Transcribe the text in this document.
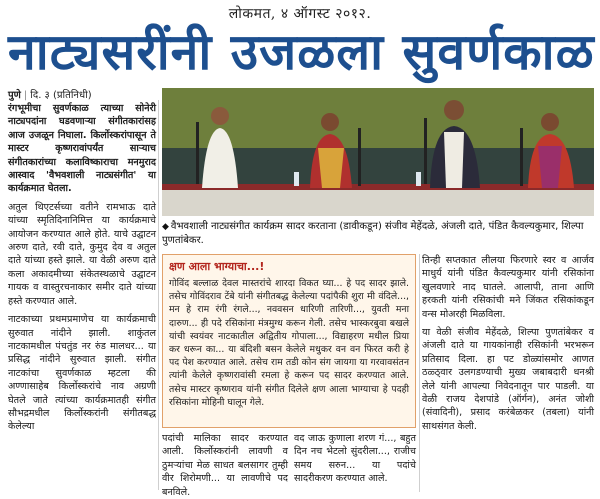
लोकमत, ४ ऑगस्ट २०१२.
नाट्यसरींनी उजळला सुवर्णकाळ
पुणे | दि. ३ (प्रतिनिधी)
◆ वैभवशाली नाट्यसंगीत कार्यक्रम सादर करताना (डावीकडून) संजीव मेहेंदळे, अंजली दाते, पंडित कैवल्यकुमार, शिल्पा पुणतांबेकर.

रंगभूमीचा सुवर्णकाळ त्याच्या सोनेरी नाट्यपदांना घडवणाऱ्या संगीतकारांसह आज उजळून निघाला. किर्लोस्करांपासून ते मास्टर कृष्णरावांपर्यंत साऱ्याच संगीतकारांच्या कलाविष्काराचा मनमुराद आस्वाद 'वैभवशाली नाट्यसंगीत' या कार्यक्रमात घेतला.

अतुल थिएटर्सच्या वतीने रामभाऊ दाते यांच्या स्मृतिदिनानिमित्त या कार्यक्रमाचे आयोजन करण्यात आले होते. याचे उद्घाटन अरुण दाते, रवी दाते, कुमुद देव व अतुल दाते यांच्या हस्ते झाले. या वेळी अरुण दाते कला अकादमीच्या संकेतस्थळाचे उद्घाटन गायक व वास्तुरचनाकार समीर दाते यांच्या हस्ते करण्यात आले.

नाटकाच्या प्रथमप्रमाणेच या कार्यक्रमाची सुरुवात नांदीने झाली. शाकुंतल नाटकामधील पंचतुंड नर रुंड मालधर... या प्रसिद्ध नांदीने सुरुवात झाली. संगीत नाटकांचा सुवर्णकाळ म्हटला की अण्णासाहेब किर्लोस्करांचे नाव अग्रणी घेतले जाते त्यांच्या कार्यक्रमातही संगीत सौभद्रमधील किर्लोस्करांनी संगीतबद्ध केलेल्या

क्षण आला भाग्याचा...!
गोविंद बल्लाळ देवल मास्तरांचे शारदा विकत घ्या... हे पद सादर झाले. तसेच गोविंदराव टेंबे यांनी संगीतबद्ध केलेल्या पदांपैकी शुरा मी वंदिले..., मन हे राम रंगी रंगले..., नववसन धारिणी तारिणी..., युवती मना दारुण... ही पदे रसिकांना मंत्रमुग्ध करून गेली. तसेच भास्करबुवा बखले यांची स्वयंवर नाटकातील अद्वितीय गोपाला..., विद्याहरण मधील प्रिया कर धरून का... या बंदिशी बसन केलेले मधुकर वन वन फिरत करी हे पद पेश करण्यात आले. तसेच राम तडी कोन संग जायगा या गरवावसंतन त्यांनी केलेले कृष्णरावांसी रमला हे करून पद सादर करण्यात आले. तसेच मास्टर कृष्णराव यांनी संगीत दिलेले क्षण आला भाग्याचा हे पदही रसिकांना मोहिनी घालून गेले.

पदांची मालिका सादर करण्यात आली. किर्लोस्करांनी लावणी व ठुमऱ्यांचा मेळ साधत बलसागर तुम्ही वीर शिरोमणी... या लावणीचे पद बनविले.

वद जाऊ कुणाला शरण गं..., बहुत दिन नच भेटलो सुंदरीला..., राजीच समय सरुन... या पदांचे सादरीकरण करण्यात आले.

तिन्ही सप्तकात लीलया फिरणारे स्वर व आर्जव माधुर्य यांनी पंडित कैवल्यकुमार यांनी रसिकांना खुलवणारे नाद घातले. आलापी, ताना आणि हरकती यांनी रसिकांची मने जिंकत रसिकांकडून वन्स मोअरही मिळविला.

या वेळी संजीव मेहेंदळे, शिल्पा पुणतांबेकर व अंजली दाते या गायकांनाही रसिकांनी भरभरून प्रतिसाद दिला. हा पट डोळ्यांसमोर आणत ठळ्ठ्वार उलगडण्याची मुख्य जबाबदारी धनश्री लेले यांनी आपल्या निवेदनातून पार पाडली. या वेळी राजय देशपांडे (ऑर्गन), अनंत जोशी (संवादिनी), प्रसाद करंबेळकर (तबला) यांनी साथसंगत केली.
